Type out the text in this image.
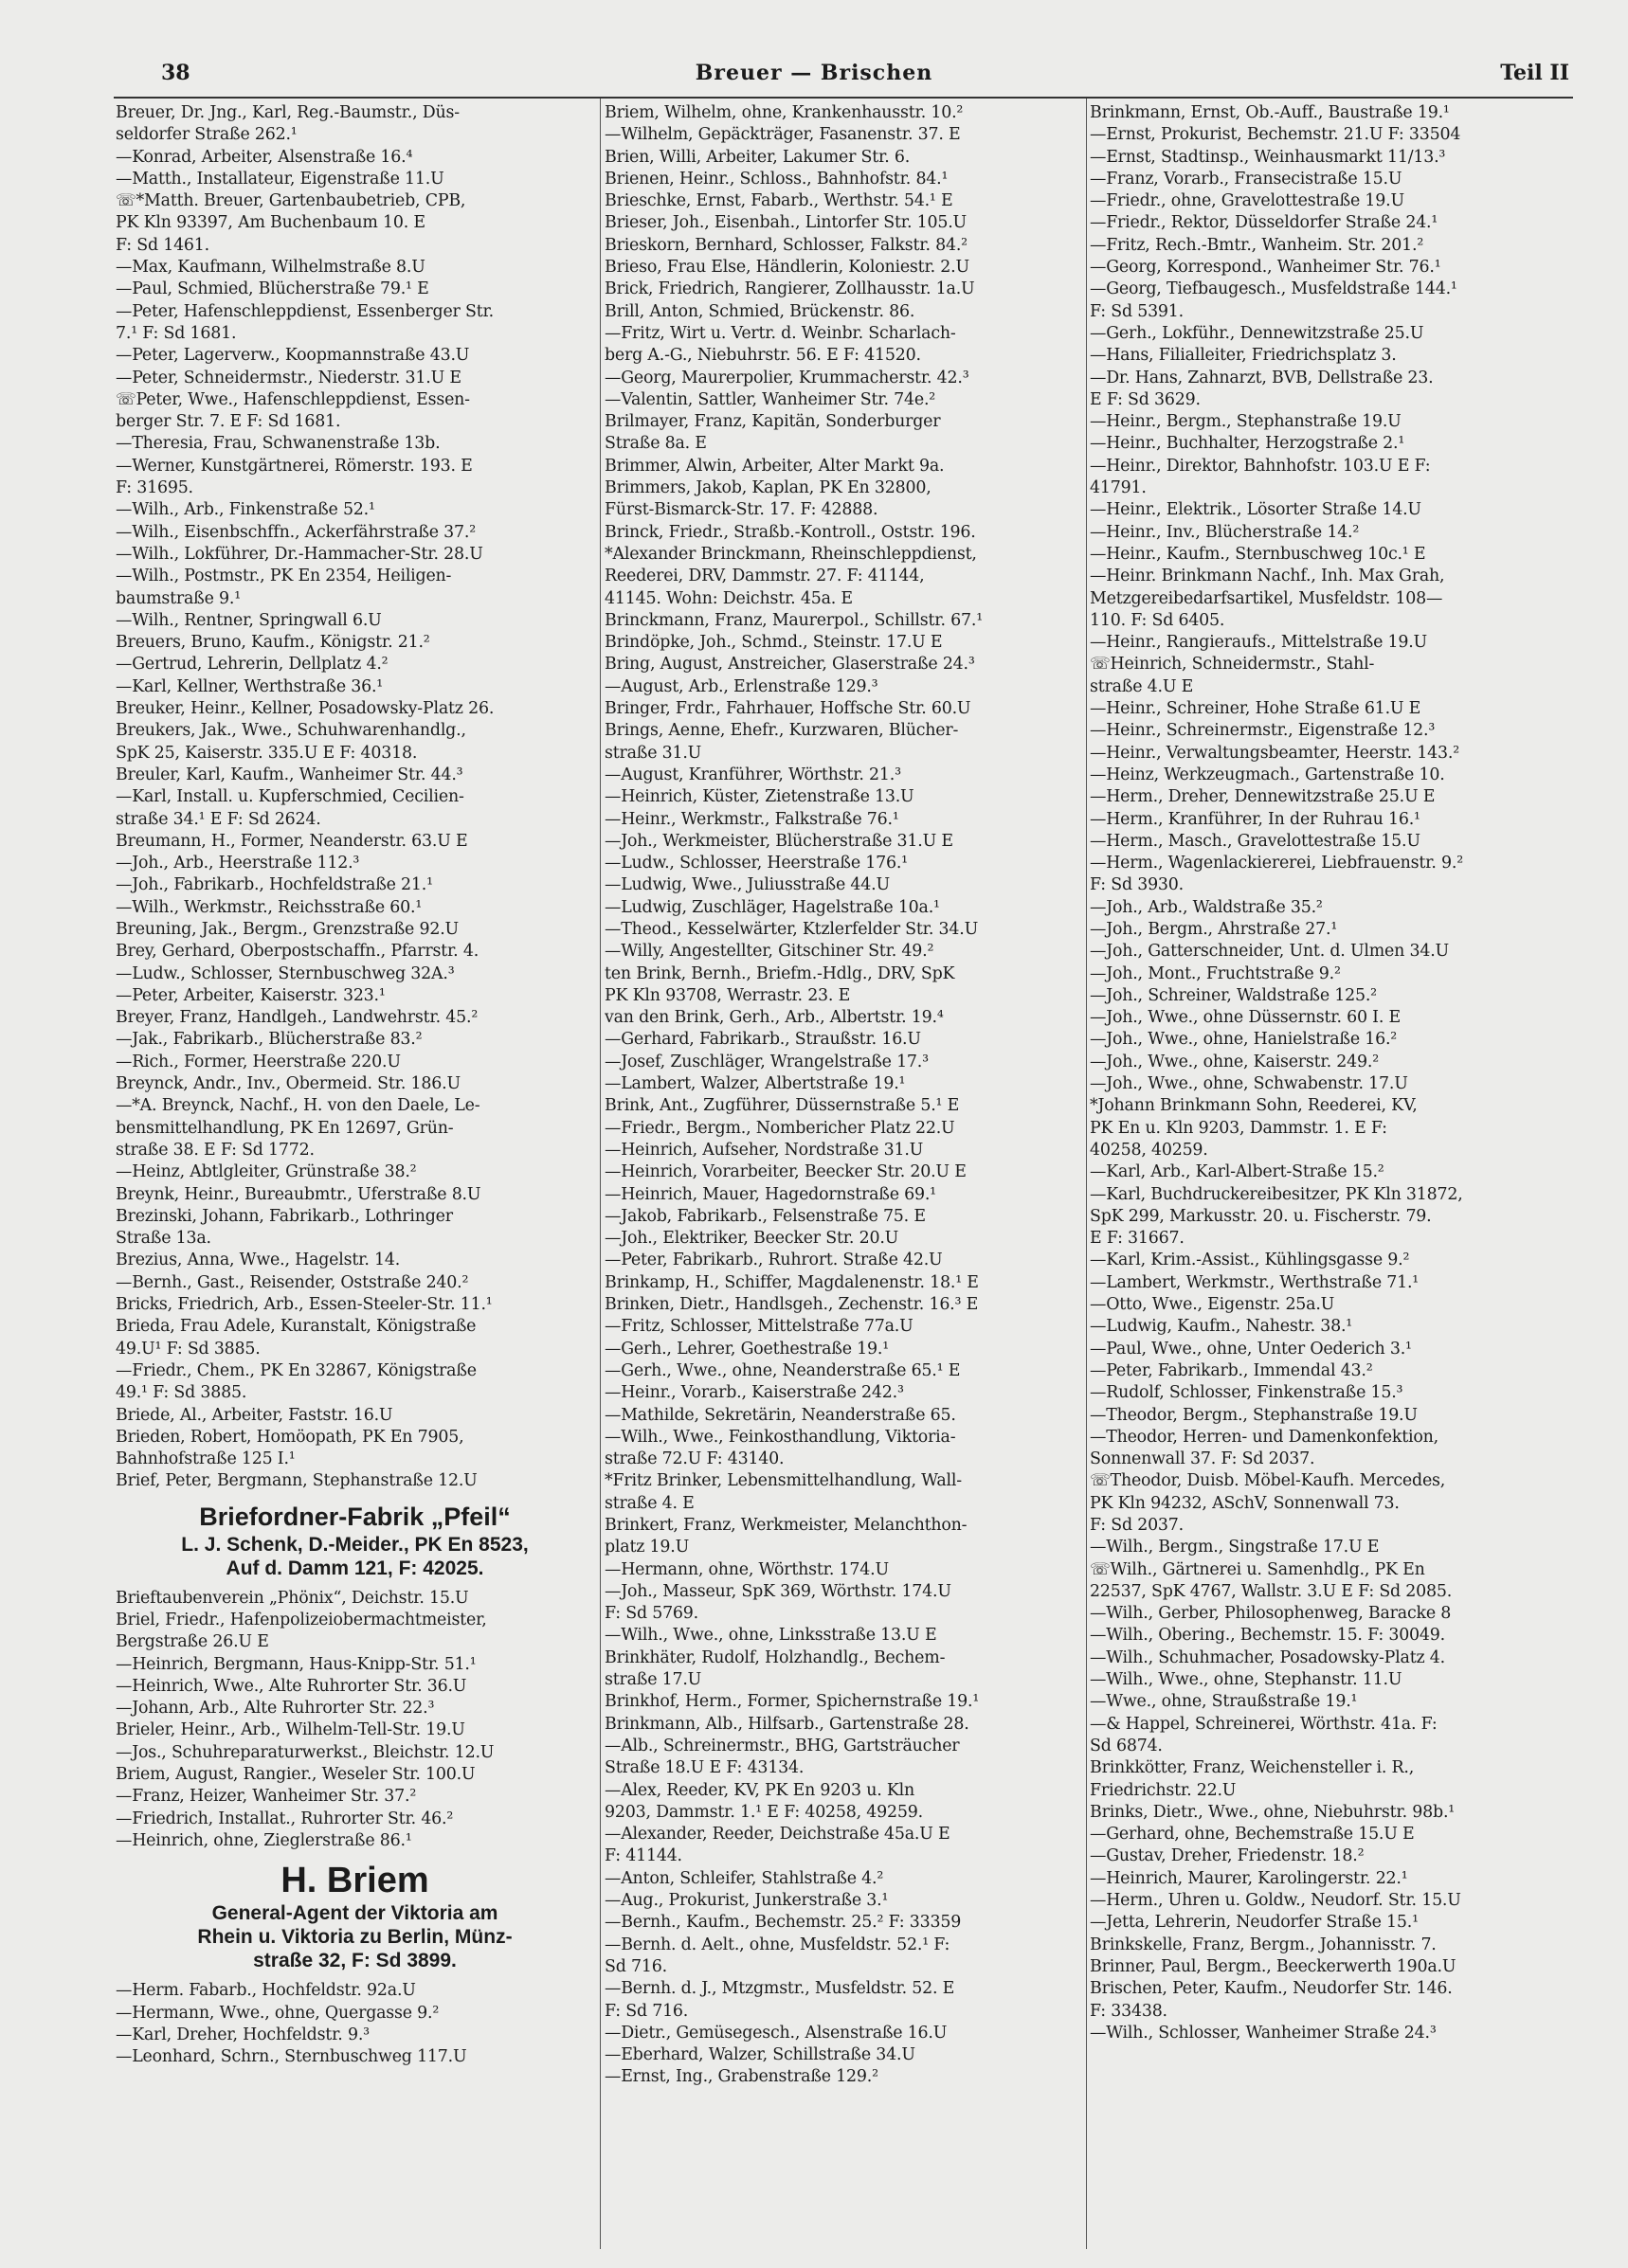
38	Breuer — Brischen	Teil II
Breuer, Dr. Jng., Karl, Reg.-Baumstr., Düs-
seldorfer Straße 262.¹
—Konrad, Arbeiter, Alsenstraße 16.⁴
—Matth., Installateur, Eigenstraße 11.U
☏*Matth. Breuer, Gartenbaubetrieb, CPB,
PK Kln 93397, Am Buchenbaum 10. E
F: Sd 1461.
—Max, Kaufmann, Wilhelmstraße 8.U
—Paul, Schmied, Blücherstraße 79.¹ E
—Peter, Hafenschleppdienst, Essenberger Str.
7.¹ F: Sd 1681.
—Peter, Lagerverw., Koopmannstraße 43.U
—Peter, Schneidermstr., Niederstr. 31.U E
☏Peter, Wwe., Hafenschleppdienst, Essen-
berger Str. 7. E F: Sd 1681.
—Theresia, Frau, Schwanenstraße 13b.
—Werner, Kunstgärtnerei, Römerstr. 193. E
F: 31695.
—Wilh., Arb., Finkenstraße 52.¹
—Wilh., Eisenbschffn., Ackerfährstraße 37.²
—Wilh., Lokführer, Dr.-Hammacher-Str. 28.U
—Wilh., Postmstr., PK En 2354, Heiligen-
baumstraße 9.¹
—Wilh., Rentner, Springwall 6.U
Breuers, Bruno, Kaufm., Königstr. 21.²
—Gertrud, Lehrerin, Dellplatz 4.²
—Karl, Kellner, Werthstraße 36.¹
Breuker, Heinr., Kellner, Posadowsky-Platz 26.
Breukers, Jak., Wwe., Schuhwarenhandlg.,
SpK 25, Kaiserstr. 335.U E F: 40318.
Breuler, Karl, Kaufm., Wanheimer Str. 44.³
—Karl, Install. u. Kupferschmied, Cecilien-
straße 34.¹ E F: Sd 2624.
Breumann, H., Former, Neanderstr. 63.U E
—Joh., Arb., Heerstraße 112.³
—Joh., Fabrikarb., Hochfeldstraße 21.¹
—Wilh., Werkmstr., Reichsstraße 60.¹
Breuning, Jak., Bergm., Grenzstraße 92.U
Brey, Gerhard, Oberpostschaffn., Pfarrstr. 4.
—Ludw., Schlosser, Sternbuschweg 32A.³
—Peter, Arbeiter, Kaiserstr. 323.¹
Breyer, Franz, Handlgeh., Landwehrstr. 45.²
—Jak., Fabrikarb., Blücherstraße 83.²
—Rich., Former, Heerstraße 220.U
Breynck, Andr., Inv., Obermeid. Str. 186.U
—*A. Breynck, Nachf., H. von den Daele, Le-
bensmittelhandlung, PK En 12697, Grün-
straße 38. E F: Sd 1772.
—Heinz, Abtlgleiter, Grünstraße 38.²
Breynk, Heinr., Bureaubmtr., Uferstraße 8.U
Brezinski, Johann, Fabrikarb., Lothringer
Straße 13a.
Brezius, Anna, Wwe., Hagelstr. 14.
—Bernh., Gast., Reisender, Oststraße 240.²
Bricks, Friedrich, Arb., Essen-Steeler-Str. 11.¹
Brieda, Frau Adele, Kuranstalt, Königstraße
49.U¹ F: Sd 3885.
—Friedr., Chem., PK En 32867, Königstraße
49.¹ F: Sd 3885.
Briede, Al., Arbeiter, Faststr. 16.U
Brieden, Robert, Homöopath, PK En 7905,
Bahnhofstraße 125 I.¹
Brief, Peter, Bergmann, Stephanstraße 12.U
Briefordner-Fabrik „Pfeil“
L. J. Schenk, D.-Meider., PK En 8523,
Auf d. Damm 121, F: 42025.
Brieftaubenverein „Phönix“, Deichstr. 15.U
Briel, Friedr., Hafenpolizeiobermachtmeister,
Bergstraße 26.U E
—Heinrich, Bergmann, Haus-Knipp-Str. 51.¹
—Heinrich, Wwe., Alte Ruhrorter Str. 36.U
—Johann, Arb., Alte Ruhrorter Str. 22.³
Brieler, Heinr., Arb., Wilhelm-Tell-Str. 19.U
—Jos., Schuhreparaturwerkst., Bleichstr. 12.U
Briem, August, Rangier., Weseler Str. 100.U
—Franz, Heizer, Wanheimer Str. 37.²
—Friedrich, Installat., Ruhrorter Str. 46.²
—Heinrich, ohne, Zieglerstraße 86.¹
H. Briem
General-Agent der Viktoria am
Rhein u. Viktoria zu Berlin, Münz-
straße 32, F: Sd 3899.
—Herm. Fabarb., Hochfeldstr. 92a.U
—Hermann, Wwe., ohne, Quergasse 9.²
—Karl, Dreher, Hochfeldstr. 9.³
—Leonhard, Schrn., Sternbuschweg 117.U
Briem, Wilhelm, ohne, Krankenhausstr. 10.²
—Wilhelm, Gepäckträger, Fasanenstr. 37. E
Brien, Willi, Arbeiter, Lakumer Str. 6.
Brienen, Heinr., Schloss., Bahnhofstr. 84.¹
Brieschke, Ernst, Fabarb., Werthstr. 54.¹ E
Brieser, Joh., Eisenbah., Lintorfer Str. 105.U
Brieskorn, Bernhard, Schlosser, Falkstr. 84.²
Brieso, Frau Else, Händlerin, Koloniestr. 2.U
Brick, Friedrich, Rangierer, Zollhausstr. 1a.U
Brill, Anton, Schmied, Brückenstr. 86.
—Fritz, Wirt u. Vertr. d. Weinbr. Scharlach-
berg A.-G., Niebuhrstr. 56. E F: 41520.
—Georg, Maurerpolier, Krummacherstr. 42.³
—Valentin, Sattler, Wanheimer Str. 74e.²
Brilmayer, Franz, Kapitän, Sonderburger
Straße 8a. E
Brimmer, Alwin, Arbeiter, Alter Markt 9a.
Brimmers, Jakob, Kaplan, PK En 32800,
Fürst-Bismarck-Str. 17. F: 42888.
Brinck, Friedr., Straßb.-Kontroll., Oststr. 196.
*Alexander Brinckmann, Rheinschleppdienst,
Reederei, DRV, Dammstr. 27. F: 41144,
41145. Wohn: Deichstr. 45a. E
Brinckmann, Franz, Maurerpol., Schillstr. 67.¹
Brindöpke, Joh., Schmd., Steinstr. 17.U E
Bring, August, Anstreicher, Glaserstraße 24.³
—August, Arb., Erlenstraße 129.³
Bringer, Frdr., Fahrhauer, Hoffsche Str. 60.U
Brings, Aenne, Ehefr., Kurzwaren, Blücher-
straße 31.U
—August, Kranführer, Wörthstr. 21.³
—Heinrich, Küster, Zietenstraße 13.U
—Heinr., Werkmstr., Falkstraße 76.¹
—Joh., Werkmeister, Blücherstraße 31.U E
—Ludw., Schlosser, Heerstraße 176.¹
—Ludwig, Wwe., Juliusstraße 44.U
—Ludwig, Zuschläger, Hagelstraße 10a.¹
—Theod., Kesselwärter, Ktzlerfelder Str. 34.U
—Willy, Angestellter, Gitschiner Str. 49.²
ten Brink, Bernh., Briefm.-Hdlg., DRV, SpK
PK Kln 93708, Werrastr. 23. E
van den Brink, Gerh., Arb., Albertstr. 19.⁴
—Gerhard, Fabrikarb., Straußstr. 16.U
—Josef, Zuschläger, Wrangelstraße 17.³
—Lambert, Walzer, Albertstraße 19.¹
Brink, Ant., Zugführer, Düssernstraße 5.¹ E
—Friedr., Bergm., Nombericher Platz 22.U
—Heinrich, Aufseher, Nordstraße 31.U
—Heinrich, Vorarbeiter, Beecker Str. 20.U E
—Heinrich, Mauer, Hagedornstraße 69.¹
—Jakob, Fabrikarb., Felsenstraße 75. E
—Joh., Elektriker, Beecker Str. 20.U
—Peter, Fabrikarb., Ruhrort. Straße 42.U
Brinkamp, H., Schiffer, Magdalenenstr. 18.¹ E
Brinken, Dietr., Handlsgeh., Zechenstr. 16.³ E
—Fritz, Schlosser, Mittelstraße 77a.U
—Gerh., Lehrer, Goethestraße 19.¹
—Gerh., Wwe., ohne, Neanderstraße 65.¹ E
—Heinr., Vorarb., Kaiserstraße 242.³
—Mathilde, Sekretärin, Neanderstraße 65.
—Wilh., Wwe., Feinkosthandlung, Viktoria-
straße 72.U F: 43140.
*Fritz Brinker, Lebensmittelhandlung, Wall-
straße 4. E
Brinkert, Franz, Werkmeister, Melanchthon-
platz 19.U
—Hermann, ohne, Wörthstr. 174.U
—Joh., Masseur, SpK 369, Wörthstr. 174.U
F: Sd 5769.
—Wilh., Wwe., ohne, Linksstraße 13.U E
Brinkhäter, Rudolf, Holzhandlg., Bechem-
straße 17.U
Brinkhof, Herm., Former, Spichernstraße 19.¹
Brinkmann, Alb., Hilfsarb., Gartenstraße 28.
—Alb., Schreinermstr., BHG, Gartsträucher
Straße 18.U E F: 43134.
—Alex, Reeder, KV, PK En 9203 u. Kln
9203, Dammstr. 1.¹ E F: 40258, 49259.
—Alexander, Reeder, Deichstraße 45a.U E
F: 41144.
—Anton, Schleifer, Stahlstraße 4.²
—Aug., Prokurist, Junkerstraße 3.¹
—Bernh., Kaufm., Bechemstr. 25.² F: 33359
—Bernh. d. Aelt., ohne, Musfeldstr. 52.¹ F:
Sd 716.
—Bernh. d. J., Mtzgmstr., Musfeldstr. 52. E
F: Sd 716.
—Dietr., Gemüsegesch., Alsenstraße 16.U
—Eberhard, Walzer, Schillstraße 34.U
—Ernst, Ing., Grabenstraße 129.²
Brinkmann, Ernst, Ob.-Auff., Baustraße 19.¹
—Ernst, Prokurist, Bechemstr. 21.U F: 33504
—Ernst, Stadtinsp., Weinhausmarkt 11/13.³
—Franz, Vorarb., Fransecistraße 15.U
—Friedr., ohne, Gravelottestraße 19.U
—Friedr., Rektor, Düsseldorfer Straße 24.¹
—Fritz, Rech.-Bmtr., Wanheim. Str. 201.²
—Georg, Korrespond., Wanheimer Str. 76.¹
—Georg, Tiefbaugesch., Musfeldstraße 144.¹
F: Sd 5391.
—Gerh., Lokführ., Dennewitzstraße 25.U
—Hans, Filialleiter, Friedrichsplatz 3.
—Dr. Hans, Zahnarzt, BVB, Dellstraße 23.
E F: Sd 3629.
—Heinr., Bergm., Stephanstraße 19.U
—Heinr., Buchhalter, Herzogstraße 2.¹
—Heinr., Direktor, Bahnhofstr. 103.U E F:
41791.
—Heinr., Elektrik., Lösorter Straße 14.U
—Heinr., Inv., Blücherstraße 14.²
—Heinr., Kaufm., Sternbuschweg 10c.¹ E
—Heinr. Brinkmann Nachf., Inh. Max Grah,
Metzgereibedarfsartikel, Musfeldstr. 108—
110. F: Sd 6405.
—Heinr., Rangieraufs., Mittelstraße 19.U
☏Heinrich, Schneidermstr., Stahl-
straße 4.U E
—Heinr., Schreiner, Hohe Straße 61.U E
—Heinr., Schreinermstr., Eigenstraße 12.³
—Heinr., Verwaltungsbeamter, Heerstr. 143.²
—Heinz, Werkzeugmach., Gartenstraße 10.
—Herm., Dreher, Dennewitzstraße 25.U E
—Herm., Kranführer, In der Ruhrau 16.¹
—Herm., Masch., Gravelottestraße 15.U
—Herm., Wagenlackiererei, Liebfrauenstr. 9.²
F: Sd 3930.
—Joh., Arb., Waldstraße 35.²
—Joh., Bergm., Ahrstraße 27.¹
—Joh., Gatterschneider, Unt. d. Ulmen 34.U
—Joh., Mont., Fruchtstraße 9.²
—Joh., Schreiner, Waldstraße 125.²
—Joh., Wwe., ohne Düssernstr. 60 I. E
—Joh., Wwe., ohne, Hanielstraße 16.²
—Joh., Wwe., ohne, Kaiserstr. 249.²
—Joh., Wwe., ohne, Schwabenstr. 17.U
*Johann Brinkmann Sohn, Reederei, KV,
PK En u. Kln 9203, Dammstr. 1. E F:
40258, 40259.
—Karl, Arb., Karl-Albert-Straße 15.²
—Karl, Buchdruckereibesitzer, PK Kln 31872,
SpK 299, Markusstr. 20. u. Fischerstr. 79.
E F: 31667.
—Karl, Krim.-Assist., Kühlingsgasse 9.²
—Lambert, Werkmstr., Werthstraße 71.¹
—Otto, Wwe., Eigenstr. 25a.U
—Ludwig, Kaufm., Nahestr. 38.¹
—Paul, Wwe., ohne, Unter Oederich 3.¹
—Peter, Fabrikarb., Immendal 43.²
—Rudolf, Schlosser, Finkenstraße 15.³
—Theodor, Bergm., Stephanstraße 19.U
—Theodor, Herren- und Damenkonfektion,
Sonnenwall 37. F: Sd 2037.
☏Theodor, Duisb. Möbel-Kaufh. Mercedes,
PK Kln 94232, ASchV, Sonnenwall 73.
F: Sd 2037.
—Wilh., Bergm., Singstraße 17.U E
☏Wilh., Gärtnerei u. Samenhdlg., PK En
22537, SpK 4767, Wallstr. 3.U E F: Sd 2085.
—Wilh., Gerber, Philosophenweg, Baracke 8
—Wilh., Obering., Bechemstr. 15. F: 30049.
—Wilh., Schuhmacher, Posadowsky-Platz 4.
—Wilh., Wwe., ohne, Stephanstr. 11.U
—Wwe., ohne, Straußstraße 19.¹
—& Happel, Schreinerei, Wörthstr. 41a. F:
Sd 6874.
Brinkkötter, Franz, Weichensteller i. R.,
Friedrichstr. 22.U
Brinks, Dietr., Wwe., ohne, Niebuhrstr. 98b.¹
—Gerhard, ohne, Bechemstraße 15.U E
—Gustav, Dreher, Friedenstr. 18.²
—Heinrich, Maurer, Karolingerstr. 22.¹
—Herm., Uhren u. Goldw., Neudorf. Str. 15.U
—Jetta, Lehrerin, Neudorfer Straße 15.¹
Brinkskelle, Franz, Bergm., Johannisstr. 7.
Brinner, Paul, Bergm., Beeckerwerth 190a.U
Brischen, Peter, Kaufm., Neudorfer Str. 146.
F: 33438.
—Wilh., Schlosser, Wanheimer Straße 24.³
